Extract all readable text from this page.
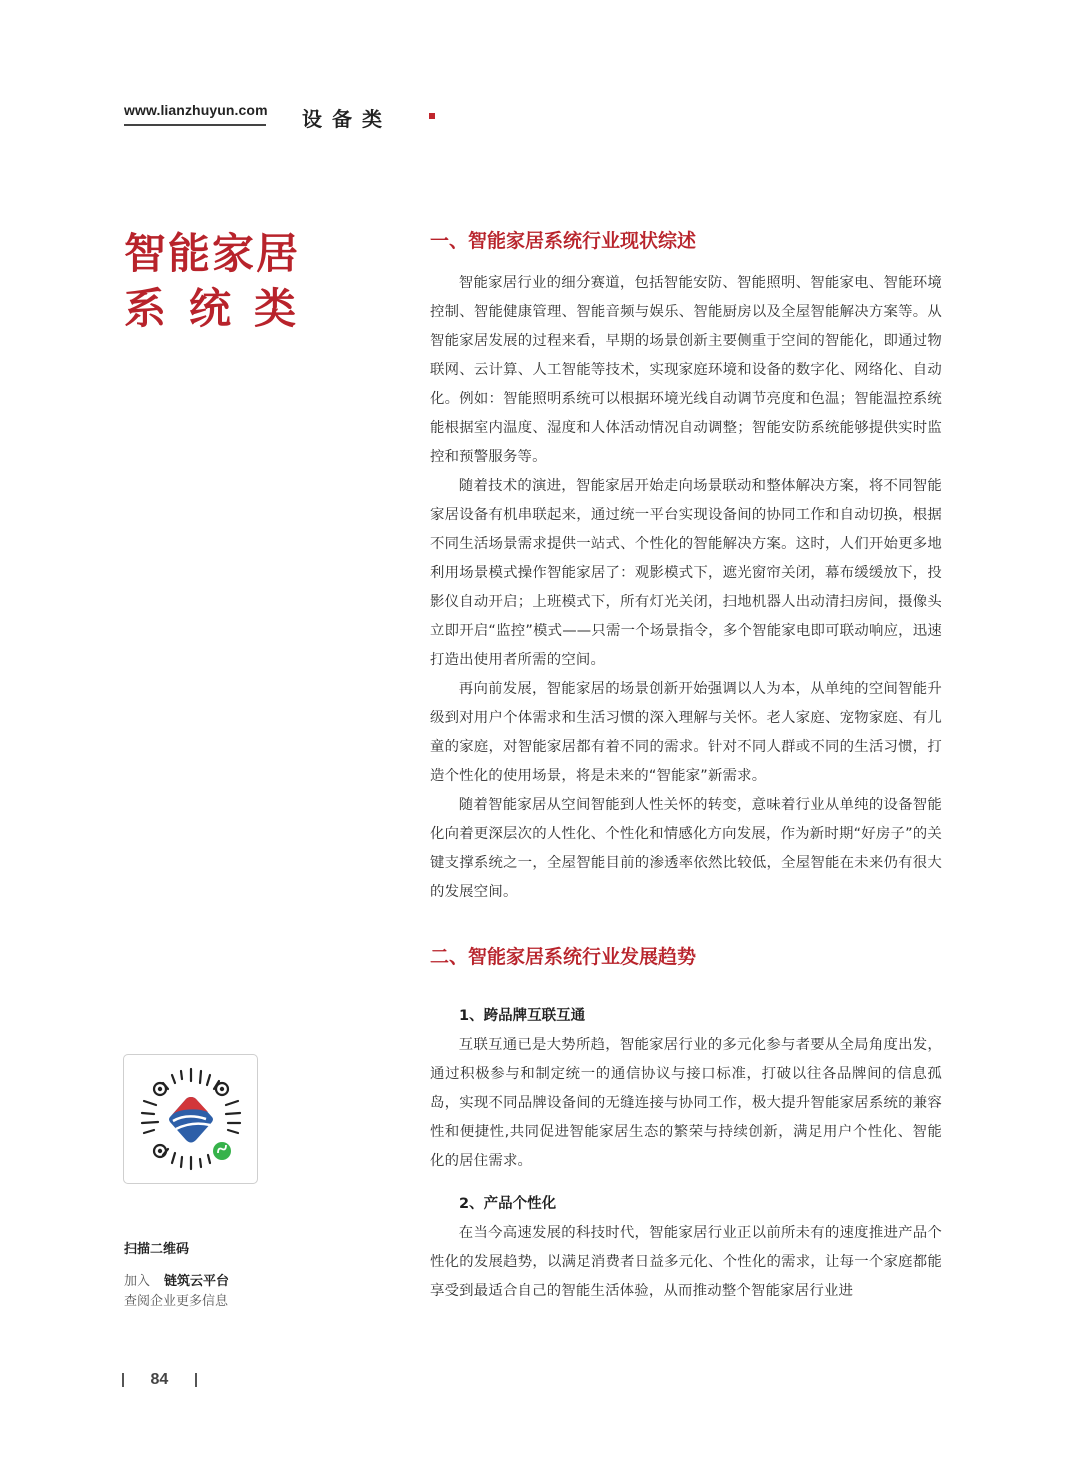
www.lianzhuyun.com 设备类
智能家居
系统类
一、智能家居系统行业现状综述

智能家居行业的细分赛道，包括智能安防、智能照明、智能家电、智能环境控制、智能健康管理、智能音频与娱乐、智能厨房以及全屋智能解决方案等。从智能家居发展的过程来看，早期的场景创新主要侧重于空间的智能化，即通过物联网、云计算、人工智能等技术，实现家庭环境和设备的数字化、网络化、自动化。例如：智能照明系统可以根据环境光线自动调节亮度和色温；智能温控系统能根据室内温度、湿度和人体活动情况自动调整；智能安防系统能够提供实时监控和预警服务等。

随着技术的演进，智能家居开始走向场景联动和整体解决方案，将不同智能家居设备有机串联起来，通过统一平台实现设备间的协同工作和自动切换，根据不同生活场景需求提供一站式、个性化的智能解决方案。这时，人们开始更多地利用场景模式操作智能家居了：观影模式下，遮光窗帘关闭，幕布缓缓放下，投影仪自动开启；上班模式下，所有灯光关闭，扫地机器人出动清扫房间，摄像头立即开启“监控”模式——只需一个场景指令，多个智能家电即可联动响应，迅速打造出使用者所需的空间。

再向前发展，智能家居的场景创新开始强调以人为本，从单纯的空间智能升级到对用户个体需求和生活习惯的深入理解与关怀。老人家庭、宠物家庭、有儿童的家庭，对智能家居都有着不同的需求。针对不同人群或不同的生活习惯，打造个性化的使用场景，将是未来的“智能家”新需求。

随着智能家居从空间智能到人性关怀的转变，意味着行业从单纯的设备智能化向着更深层次的人性化、个性化和情感化方向发展，作为新时期“好房子”的关键支撑系统之一，全屋智能目前的渗透率依然比较低，全屋智能在未来仍有很大的发展空间。

二、智能家居系统行业发展趋势
1、跨品牌互联互通

互联互通已是大势所趋，智能家居行业的多元化参与者要从全局角度出发，通过积极参与和制定统一的通信协议与接口标准，打破以往各品牌间的信息孤岛，实现不同品牌设备间的无缝连接与协同工作，极大提升智能家居系统的兼容性和便捷性,共同促进智能家居生态的繁荣与持续创新，满足用户个性化、智能化的居住需求。

2、产品个性化

在当今高速发展的科技时代，智能家居行业正以前所未有的速度推进产品个性化的发展趋势，以满足消费者日益多元化、个性化的需求，让每一个家庭都能享受到最适合自己的智能生活体验，从而推动整个智能家居行业进

扫描二维码
加入 链筑云平台
查阅企业更多信息
84
